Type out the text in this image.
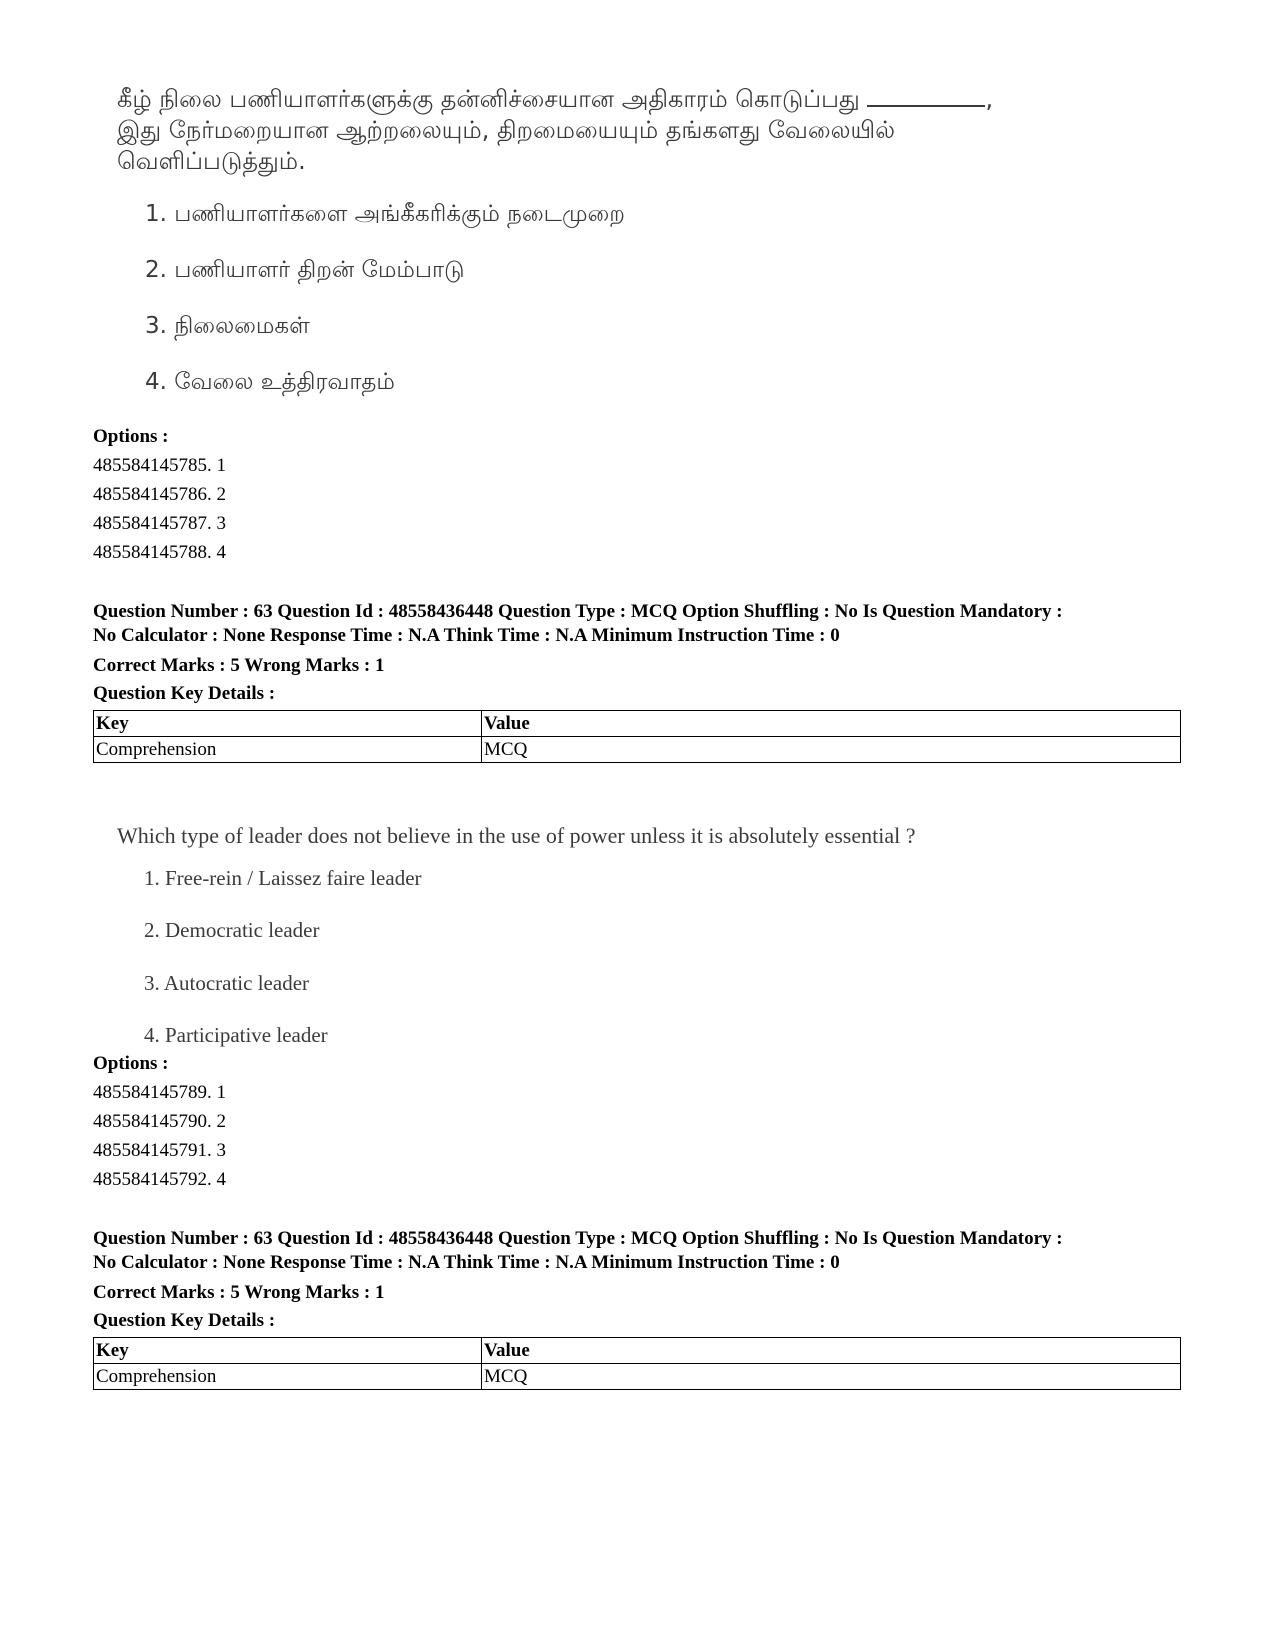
கீழ் நிலை பணியாளர்களுக்கு தன்னிச்சையான அதிகாரம் கொடுப்பது	,
இது நேர்மறையான ஆற்றலையும், திறமையையும் தங்களது வேலையில்
வெளிப்படுத்தும்.
1. பணியாளர்களை அங்கீகரிக்கும் நடைமுறை
2. பணியாளர் திறன் மேம்பாடு
3. நிலைமைகள்
4. வேலை உத்திரவாதம்
Options :
485584145785. 1
485584145786. 2
485584145787. 3
485584145788. 4
Question Number : 63 Question Id : 48558436448 Question Type : MCQ Option Shuffling : No Is Question Mandatory :
No Calculator : None Response Time : N.A Think Time : N.A Minimum Instruction Time : 0
Correct Marks : 5 Wrong Marks : 1
Question Key Details :
Key	Value
Comprehension	MCQ
Which type of leader does not believe in the use of power unless it is absolutely essential ?
1. Free-rein / Laissez faire leader
2. Democratic leader
3. Autocratic leader
4. Participative leader
Options :
485584145789. 1
485584145790. 2
485584145791. 3
485584145792. 4
Question Number : 63 Question Id : 48558436448 Question Type : MCQ Option Shuffling : No Is Question Mandatory :
No Calculator : None Response Time : N.A Think Time : N.A Minimum Instruction Time : 0
Correct Marks : 5 Wrong Marks : 1
Question Key Details :
Key	Value
Comprehension	MCQ
